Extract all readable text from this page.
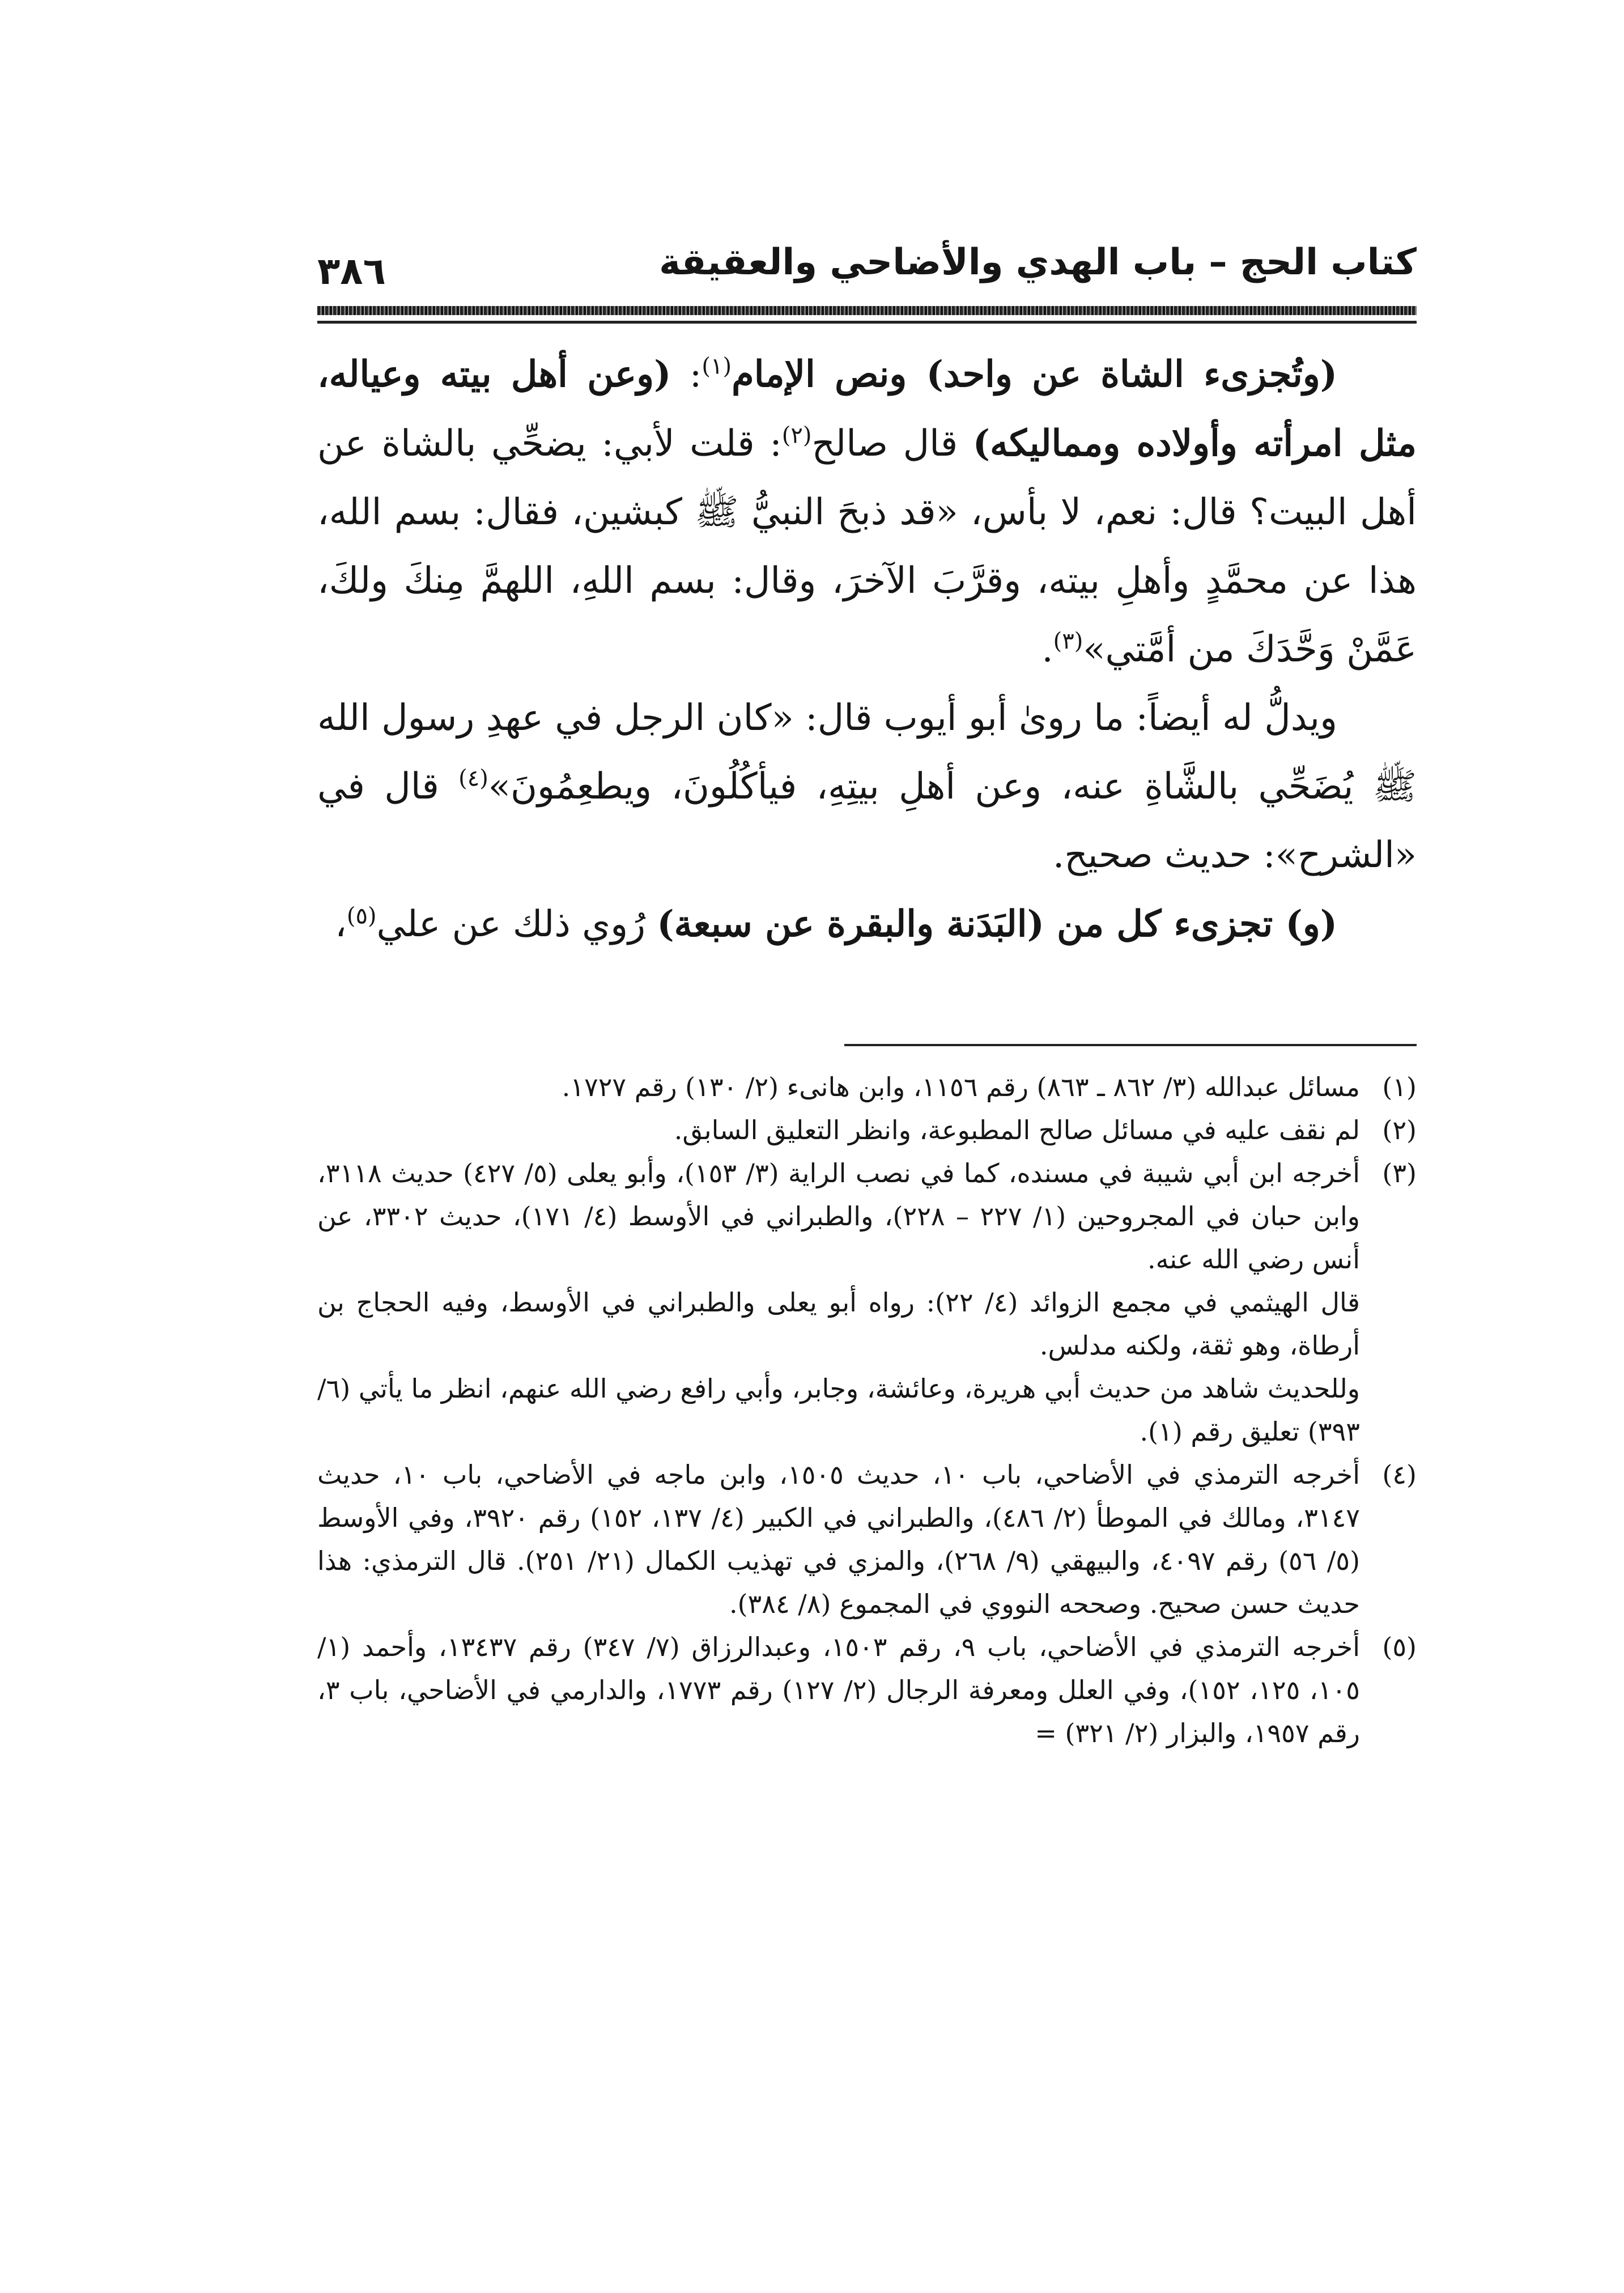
كتاب الحج – باب الهدي والأضاحي والعقيقة
٣٨٦

(وتُجزىء الشاة عن واحد) ونص الإمام$^{(١)}$: (وعن أهل بيته وعياله، مثل امرأته وأولاده ومماليكه) قال صالح$^{(٢)}$: قلت لأبي: يضحِّي بالشاة عن أهل البيت؟ قال: نعم، لا بأس، «قد ذبحَ النبيُّ ﷺ كبشين، فقال: بسم الله، هذا عن محمَّدٍ وأهلِ بيته، وقرَّبَ الآخرَ، وقال: بسم اللهِ، اللهمَّ مِنكَ ولكَ، عَمَّنْ وَحَّدَكَ من أمَّتي»$^{(٣)}$.

ويدلُّ له أيضاً: ما روىٰ أبو أيوب قال: «كان الرجل في عهدِ رسول الله ﷺ يُضَحِّي بالشَّاةِ عنه، وعن أهلِ بيتِهِ، فيأكُلُونَ، ويطعِمُونَ»$^{(٤)}$ قال في «الشرح»: حديث صحيح.

(و) تجزىء كل من (البَدَنة والبقرة عن سبعة) رُوي ذلك عن علي$^{(٥)}$،

(١)

مسائل عبدالله (٣/ ٨٦٢ ـ ٨٦٣) رقم ١١٥٦، وابن هانىء (٢/ ١٣٠) رقم ١٧٢٧.

(٢)

لم نقف عليه في مسائل صالح المطبوعة، وانظر التعليق السابق.

(٣)

أخرجه ابن أبي شيبة في مسنده، كما في نصب الراية (٣/ ١٥٣)، وأبو يعلى (٥/ ٤٢٧) حديث ٣١١٨، وابن حبان في المجروحين (١/ ٢٢٧ – ٢٢٨)، والطبراني في الأوسط (٤/ ١٧١)، حديث ٣٣٠٢، عن أنس رضي الله عنه.

قال الهيثمي في مجمع الزوائد (٤/ ٢٢): رواه أبو يعلى والطبراني في الأوسط، وفيه الحجاج بن أرطاة، وهو ثقة، ولكنه مدلس.

وللحديث شاهد من حديث أبي هريرة، وعائشة، وجابر، وأبي رافع رضي الله عنهم، انظر ما يأتي (٦/ ٣٩٣) تعليق رقم (١).

(٤)

أخرجه الترمذي في الأضاحي، باب ١٠، حديث ١٥٠٥، وابن ماجه في الأضاحي، باب ١٠، حديث ٣١٤٧، ومالك في الموطأ (٢/ ٤٨٦)، والطبراني في الكبير (٤/ ١٣٧، ١٥٢) رقم ٣٩٢٠، وفي الأوسط (٥/ ٥٦) رقم ٤٠٩٧، والبيهقي (٩/ ٢٦٨)، والمزي في تهذيب الكمال (٢١/ ٢٥١). قال الترمذي: هذا حديث حسن صحيح. وصححه النووي في المجموع (٨/ ٣٨٤).

(٥)

أخرجه الترمذي في الأضاحي، باب ٩، رقم ١٥٠٣، وعبدالرزاق (٧/ ٣٤٧) رقم ١٣٤٣٧، وأحمد (١/ ١٠٥، ١٢٥، ١٥٢)، وفي العلل ومعرفة الرجال (٢/ ١٢٧) رقم ١٧٧٣، والدارمي في الأضاحي، باب ٣، رقم ١٩٥٧، والبزار (٢/ ٣٢١) =
